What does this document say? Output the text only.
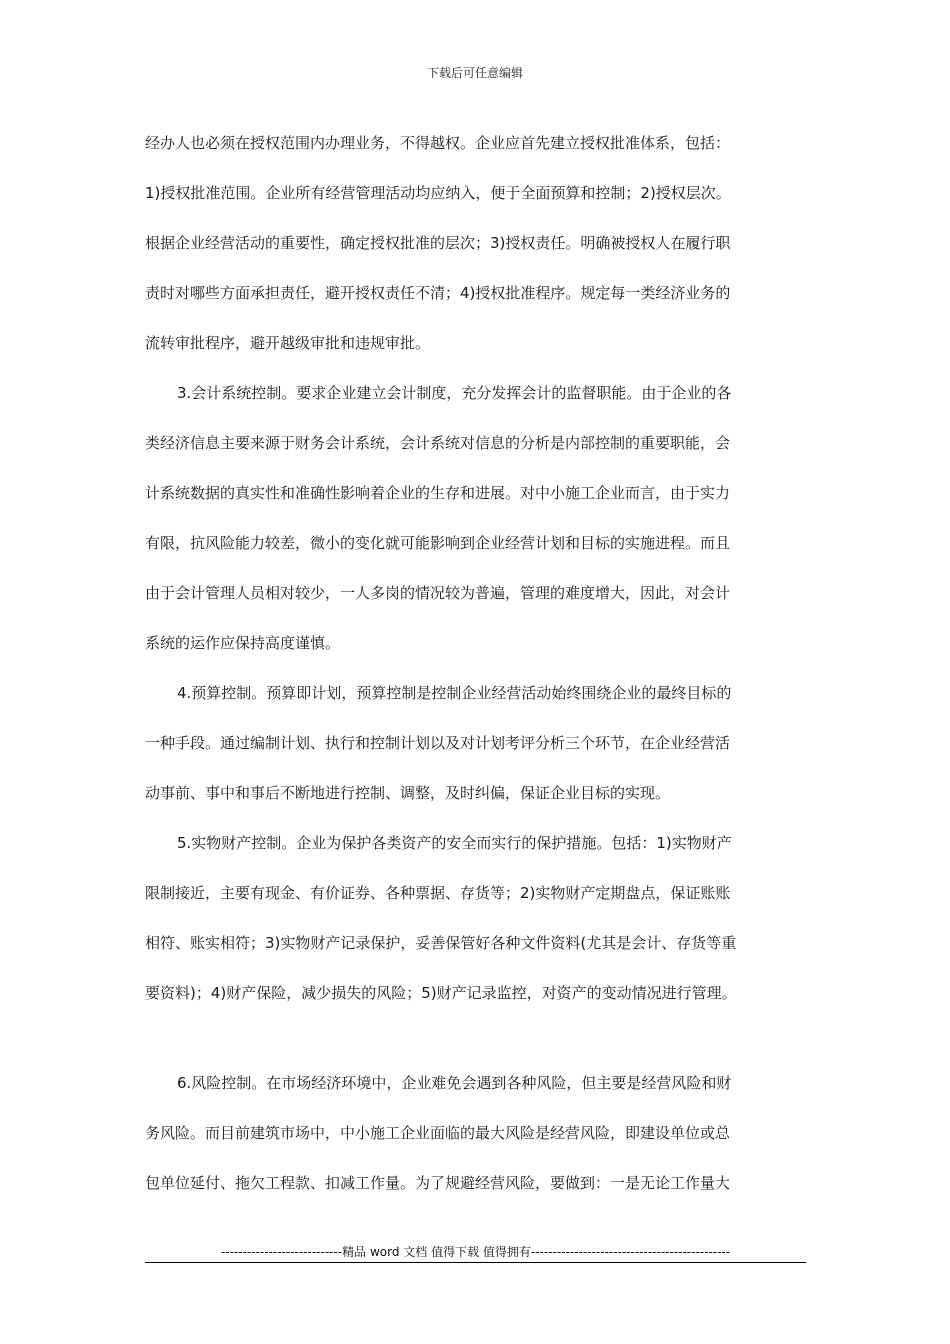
下载后可任意编辑
经办人也必须在授权范围内办理业务，不得越权。企业应首先建立授权批准体系，包括：
1)授权批准范围。企业所有经营管理活动均应纳入，便于全面预算和控制；2)授权层次。
根据企业经营活动的重要性，确定授权批准的层次；3)授权责任。明确被授权人在履行职
责时对哪些方面承担责任，避开授权责任不清；4)授权批准程序。规定每一类经济业务的
流转审批程序，避开越级审批和违规审批。
3.会计系统控制。要求企业建立会计制度，充分发挥会计的监督职能。由于企业的各
类经济信息主要来源于财务会计系统，会计系统对信息的分析是内部控制的重要职能，会
计系统数据的真实性和准确性影响着企业的生存和进展。对中小施工企业而言，由于实力
有限，抗风险能力较差，微小的变化就可能影响到企业经营计划和目标的实施进程。而且
由于会计管理人员相对较少，一人多岗的情况较为普遍，管理的难度增大，因此，对会计
系统的运作应保持高度谨慎。
4.预算控制。预算即计划，预算控制是控制企业经营活动始终围绕企业的最终目标的
一种手段。通过编制计划、执行和控制计划以及对计划考评分析三个环节，在企业经营活
动事前、事中和事后不断地进行控制、调整，及时纠偏，保证企业目标的实现。
5.实物财产控制。企业为保护各类资产的安全而实行的保护措施。包括：1)实物财产
限制接近，主要有现金、有价证券、各种票据、存货等；2)实物财产定期盘点，保证账账
相符、账实相符；3)实物财产记录保护，妥善保管好各种文件资料(尤其是会计、存货等重
要资料)；4)财产保险，减少损失的风险；5)财产记录监控，对资产的变动情况进行管理。
6.风险控制。在市场经济环境中，企业难免会遇到各种风险，但主要是经营风险和财
务风险。而目前建筑市场中，中小施工企业面临的最大风险是经营风险，即建设单位或总
包单位延付、拖欠工程款、扣减工作量。为了规避经营风险，要做到：一是无论工作量大
----------------------------精品 word 文档 值得下载 值得拥有----------------------------------------------
